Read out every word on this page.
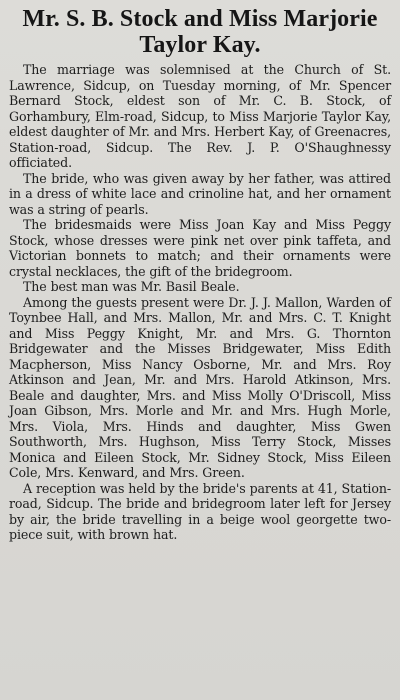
Mr. S. B. Stock and Miss Marjorie Taylor Kay.

The marriage was solemnised at the Church of St. Lawrence, Sidcup, on Tuesday morning, of Mr. Spencer Bernard Stock, eldest son of Mr. C. B. Stock, of Gorhambury, Elm-road, Sidcup, to Miss Marjorie Taylor Kay, eldest daughter of Mr. and Mrs. Herbert Kay, of Greenacres, Station-road, Sidcup. The Rev. J. P. O'Shaughnessy officiated.

The bride, who was given away by her father, was attired in a dress of white lace and crinoline hat, and her ornament was a string of pearls.

The bridesmaids were Miss Joan Kay and Miss Peggy Stock, whose dresses were pink net over pink taffeta, and Victorian bonnets to match; and their ornaments were crystal necklaces, the gift of the bridegroom.

The best man was Mr. Basil Beale.

Among the guests present were Dr. J. J. Mallon, Warden of Toynbee Hall, and Mrs. Mallon, Mr. and Mrs. C. T. Knight and Miss Peggy Knight, Mr. and Mrs. G. Thornton Bridgewater and the Misses Bridgewater, Miss Edith Macpherson, Miss Nancy Osborne, Mr. and Mrs. Roy Atkinson and Jean, Mr. and Mrs. Harold Atkinson, Mrs. Beale and daughter, Mrs. and Miss Molly O'Driscoll, Miss Joan Gibson, Mrs. Morle and Mr. and Mrs. Hugh Morle, Mrs. Viola, Mrs. Hinds and daughter, Miss Gwen Southworth, Mrs. Hughson, Miss Terry Stock, Misses Monica and Eileen Stock, Mr. Sidney Stock, Miss Eileen Cole, Mrs. Kenward, and Mrs. Green.

A reception was held by the bride's parents at 41, Station-road, Sidcup. The bride and bridegroom later left for Jersey by air, the bride travelling in a beige wool georgette two-piece suit, with brown hat.
